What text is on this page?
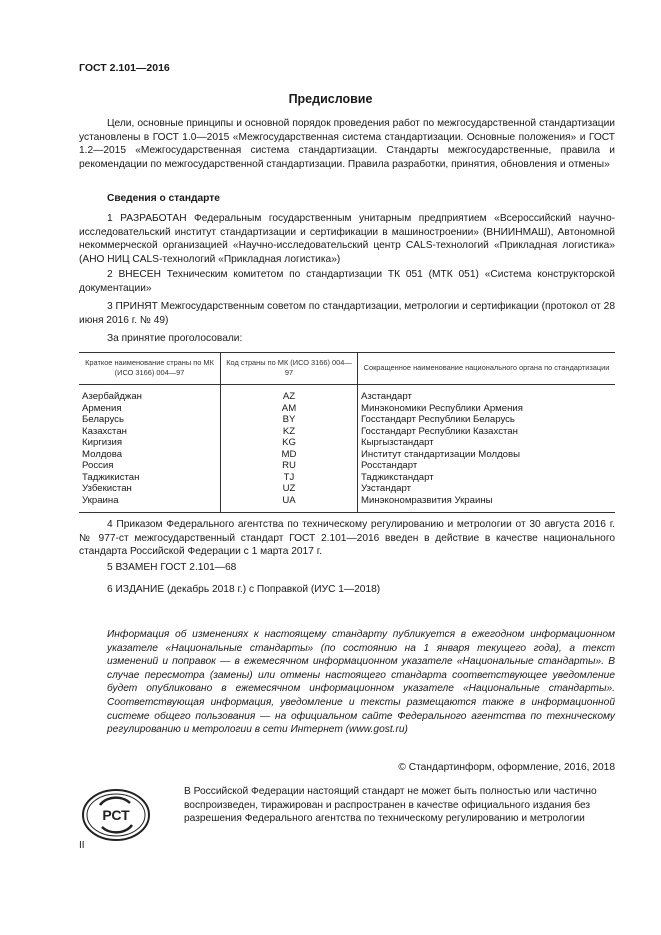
ГОСТ 2.101—2016
Предисловие
Цели, основные принципы и основной порядок проведения работ по межгосударственной стандартизации установлены в ГОСТ 1.0—2015 «Межгосударственная система стандартизации. Основные положения» и ГОСТ 1.2—2015 «Межгосударственная система стандартизации. Стандарты межгосударственные, правила и рекомендации по межгосударственной стандартизации. Правила разработки, принятия, обновления и отмены»
Сведения о стандарте
1 РАЗРАБОТАН Федеральным государственным унитарным предприятием «Всероссийский научно-исследовательский институт стандартизации и сертификации в машиностроении» (ВНИИНМАШ), Автономной некоммерческой организацией «Научно-исследовательский центр CALS-технологий «Прикладная логистика» (АНО НИЦ CALS-технологий «Прикладная логистика»)
2 ВНЕСЕН Техническим комитетом по стандартизации ТК 051 (МТК 051) «Система конструкторской документации»
3 ПРИНЯТ Межгосударственным советом по стандартизации, метрологии и сертификации (протокол от 28 июня 2016 г. № 49)
За принятие проголосовали:
Краткое наименование страны по МК (ИСО 3166) 004—97	Код страны по МК (ИСО 3166) 004—97	Сокращенное наименование национального органа по стандартизации
Азербайджан	AZ	Азстандарт
Армения	AM	Минэкономики Республики Армения
Беларусь	BY	Госстандарт Республики Беларусь
Казахстан	KZ	Госстандарт Республики Казахстан
Киргизия	KG	Кыргызстандарт
Молдова	MD	Институт стандартизации Молдовы
Россия	RU	Росстандарт
Таджикистан	TJ	Таджикстандарт
Узбекистан	UZ	Узстандарт
Украина	UA	Минэкономразвития Украины
4 Приказом Федерального агентства по техническому регулированию и метрологии от 30 августа 2016 г. № 977-ст межгосударственный стандарт ГОСТ 2.101—2016 введен в действие в качестве национального стандарта Российской Федерации с 1 марта 2017 г.
5 ВЗАМЕН ГОСТ 2.101—68
6 ИЗДАНИЕ (декабрь 2018 г.) с Поправкой (ИУС 1—2018)
Информация об изменениях к настоящему стандарту публикуется в ежегодном информационном указателе «Национальные стандарты» (по состоянию на 1 января текущего года), а текст изменений и поправок — в ежемесячном информационном указателе «Национальные стандарты». В случае пересмотра (замены) или отмены настоящего стандарта соответствующее уведомление будет опубликовано в ежемесячном информационном указателе «Национальные стандарты». Соответствующая информация, уведомление и тексты размещаются также в информационной системе общего пользования — на официальном сайте Федерального агентства по техническому регулированию и метрологии в сети Интернет (www.gost.ru)
© Стандартинформ, оформление, 2016, 2018
РСТ
В Российской Федерации настоящий стандарт не может быть полностью или частично воспроизведен, тиражирован и распространен в качестве официального издания без разрешения Федерального агентства по техническому регулированию и метрологии
II
